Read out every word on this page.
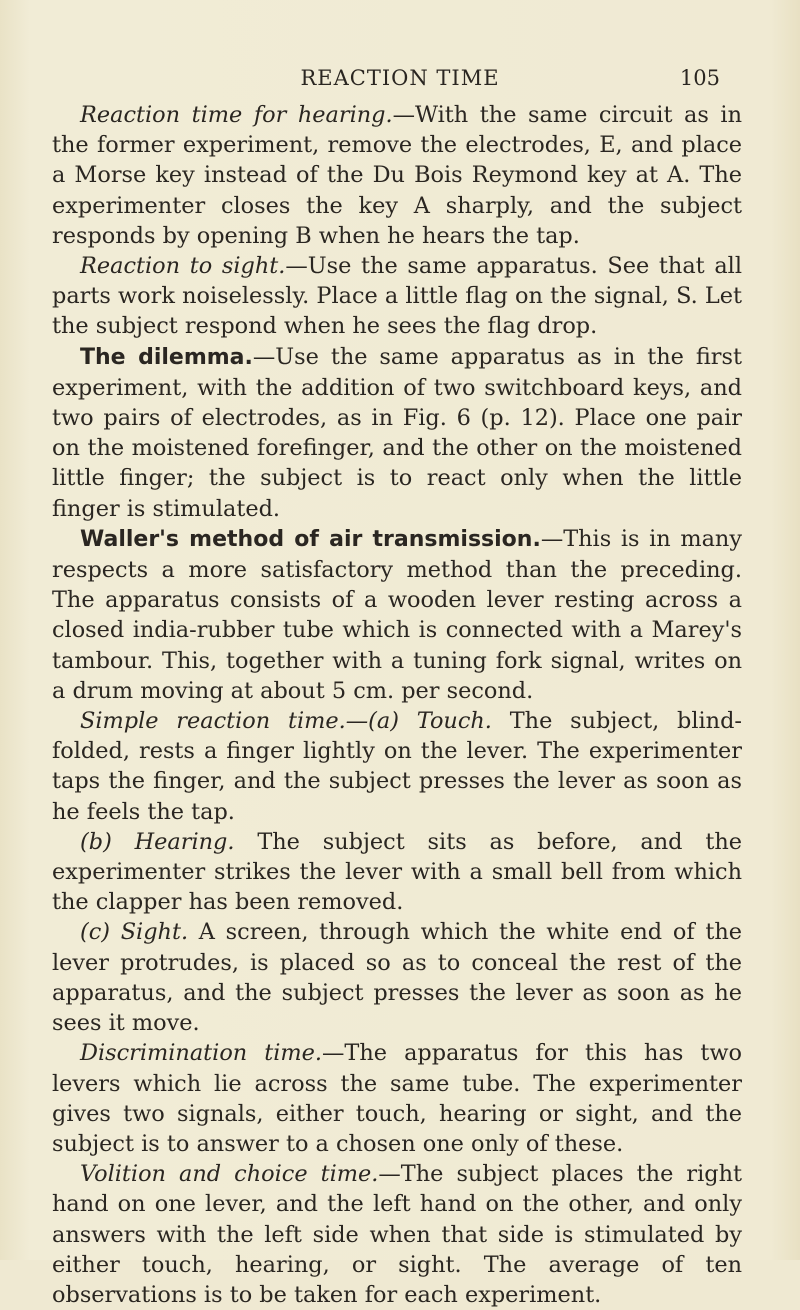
REACTION TIME	105

Reaction time for hearing.—With the same circuit as in the former experiment, remove the electrodes, E, and place a Morse key instead of the Du Bois Reymond key at A. The experimenter closes the key A sharply, and the subject responds by opening B when he hears the tap.

Reaction to sight.—Use the same apparatus. See that all parts work noiselessly. Place a little flag on the signal, S. Let the subject respond when he sees the flag drop.

The dilemma.—Use the same apparatus as in the first experiment, with the addition of two switchboard keys, and two pairs of electrodes, as in Fig. 6 (p. 12). Place one pair on the moistened forefinger, and the other on the moistened little finger; the subject is to react only when the little finger is stimulated.

Waller's method of air transmission.—This is in many respects a more satisfactory method than the preceding. The apparatus consists of a wooden lever resting across a closed india-rubber tube which is connected with a Marey's tambour. This, together with a tuning fork signal, writes on a drum moving at about 5 cm. per second.

Simple reaction time.—(a) Touch. The subject, blind-folded, rests a finger lightly on the lever. The experimenter taps the finger, and the subject presses the lever as soon as he feels the tap.

(b) Hearing. The subject sits as before, and the experimenter strikes the lever with a small bell from which the clapper has been removed.

(c) Sight. A screen, through which the white end of the lever protrudes, is placed so as to conceal the rest of the apparatus, and the subject presses the lever as soon as he sees it move.

Discrimination time.—The apparatus for this has two levers which lie across the same tube. The experimenter gives two signals, either touch, hearing or sight, and the subject is to answer to a chosen one only of these.

Volition and choice time.—The subject places the right hand on one lever, and the left hand on the other, and only answers with the left side when that side is stimulated by either touch, hearing, or sight. The average of ten observations is to be taken for each experiment.
